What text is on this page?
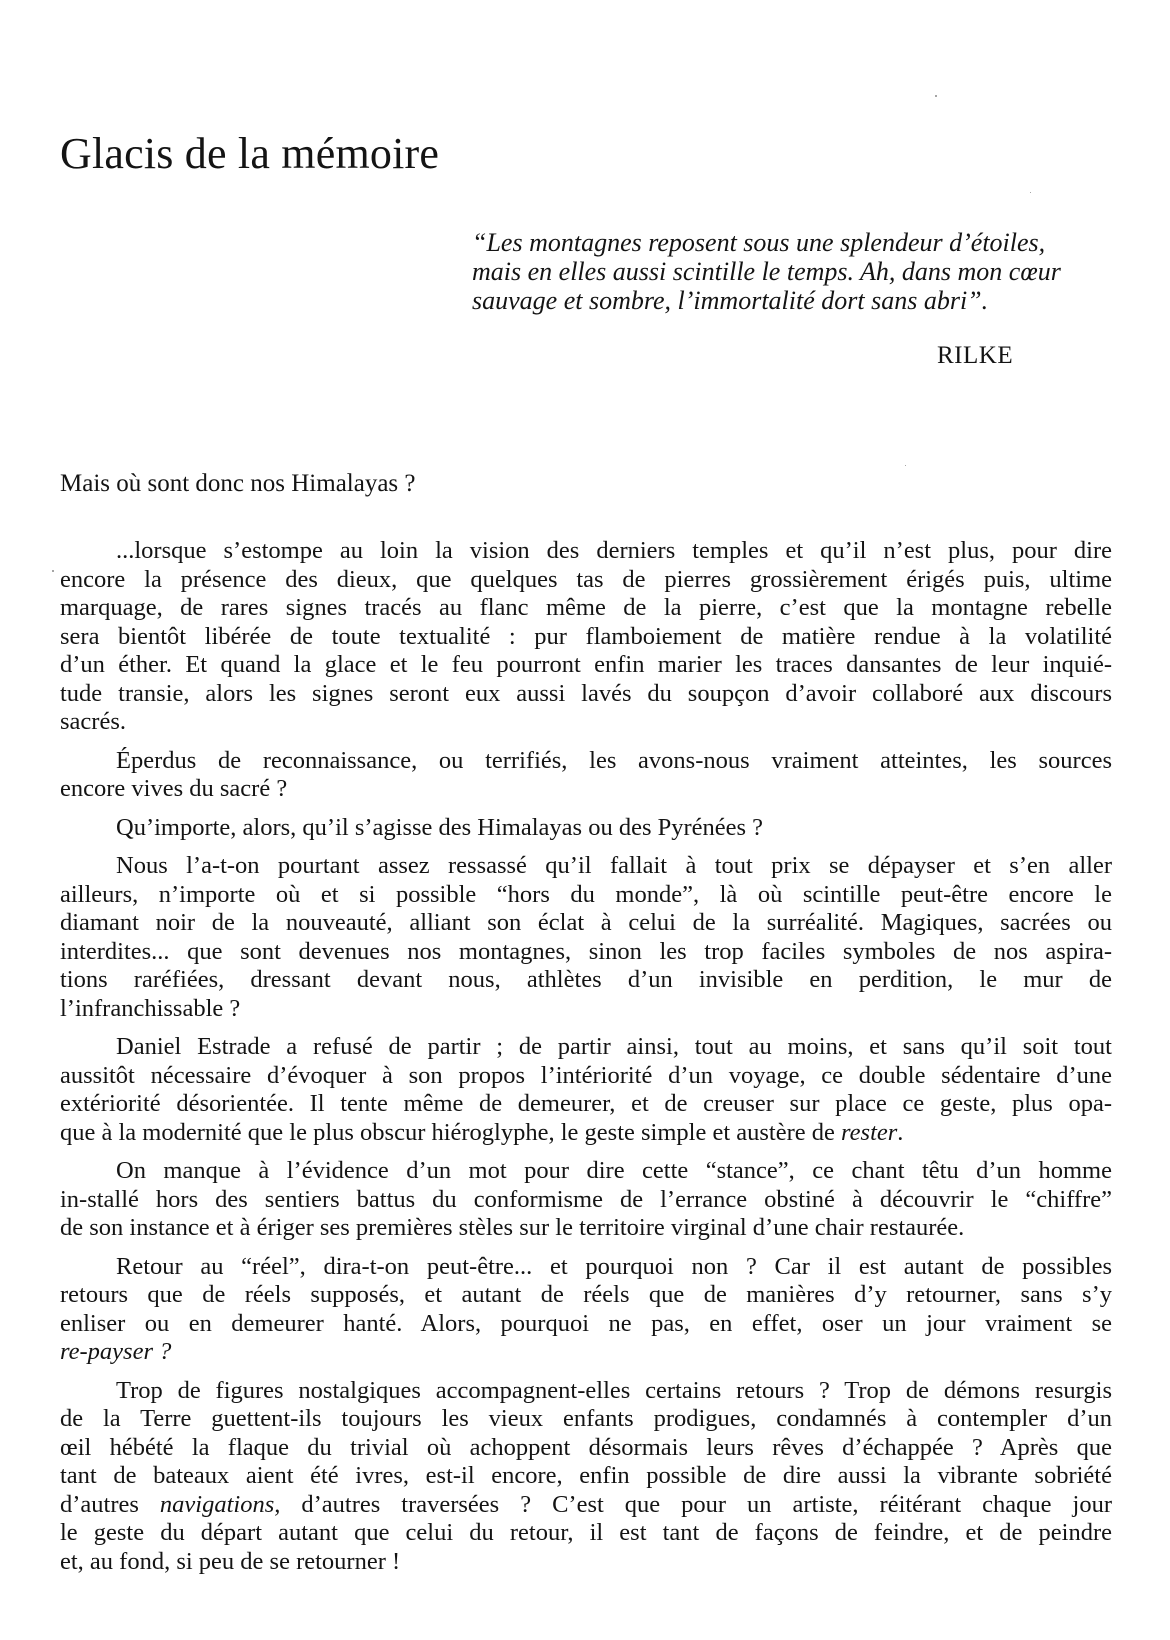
Glacis de la mémoire
“Les montagnes reposent sous une splendeur d’étoiles,
mais en elles aussi scintille le temps. Ah, dans mon cœur
sauvage et sombre, l’immortalité dort sans abri”.
RILKE
Mais où sont donc nos Himalayas ?
...lorsque s’estompe au loin la vision des derniers temples et qu’il n’est plus, pour dire
encore la présence des dieux, que quelques tas de pierres grossièrement érigés puis, ultime
marquage, de rares signes tracés au flanc même de la pierre, c’est que la montagne rebelle
sera bientôt libérée de toute textualité : pur flamboiement de matière rendue à la volatilité
d’un éther. Et quand la glace et le feu pourront enfin marier les traces dansantes de leur inquié-
tude transie, alors les signes seront eux aussi lavés du soupçon d’avoir collaboré aux discours
sacrés.
Éperdus de reconnaissance, ou terrifiés, les avons-nous vraiment atteintes, les sources
encore vives du sacré ?
Qu’importe, alors, qu’il s’agisse des Himalayas ou des Pyrénées ?
Nous l’a-t-on pourtant assez ressassé qu’il fallait à tout prix se dépayser et s’en aller
ailleurs, n’importe où et si possible “hors du monde”, là où scintille peut-être encore le
diamant noir de la nouveauté, alliant son éclat à celui de la surréalité. Magiques, sacrées ou
interdites... que sont devenues nos montagnes, sinon les trop faciles symboles de nos aspira-
tions raréfiées, dressant devant nous, athlètes d’un invisible en perdition, le mur de
l’infranchissable ?
Daniel Estrade a refusé de partir ; de partir ainsi, tout au moins, et sans qu’il soit tout
aussitôt nécessaire d’évoquer à son propos l’intériorité d’un voyage, ce double sédentaire d’une
extériorité désorientée. Il tente même de demeurer, et de creuser sur place ce geste, plus opa-
que à la modernité que le plus obscur hiéroglyphe, le geste simple et austère de rester.
On manque à l’évidence d’un mot pour dire cette “stance”, ce chant têtu d’un homme
in-stallé hors des sentiers battus du conformisme de l’errance obstiné à découvrir le “chiffre”
de son instance et à ériger ses premières stèles sur le territoire virginal d’une chair restaurée.
Retour au “réel”, dira-t-on peut-être... et pourquoi non ? Car il est autant de possibles
retours que de réels supposés, et autant de réels que de manières d’y retourner, sans s’y
enliser ou en demeurer hanté. Alors, pourquoi ne pas, en effet, oser un jour vraiment se
re-payser ?
Trop de figures nostalgiques accompagnent-elles certains retours ? Trop de démons resurgis
de la Terre guettent-ils toujours les vieux enfants prodigues, condamnés à contempler d’un
œil hébété la flaque du trivial où achoppent désormais leurs rêves d’échappée ? Après que
tant de bateaux aient été ivres, est-il encore, enfin possible de dire aussi la vibrante sobriété
d’autres navigations, d’autres traversées ? C’est que pour un artiste, réitérant chaque jour
le geste du départ autant que celui du retour, il est tant de façons de feindre, et de peindre
et, au fond, si peu de se retourner !
